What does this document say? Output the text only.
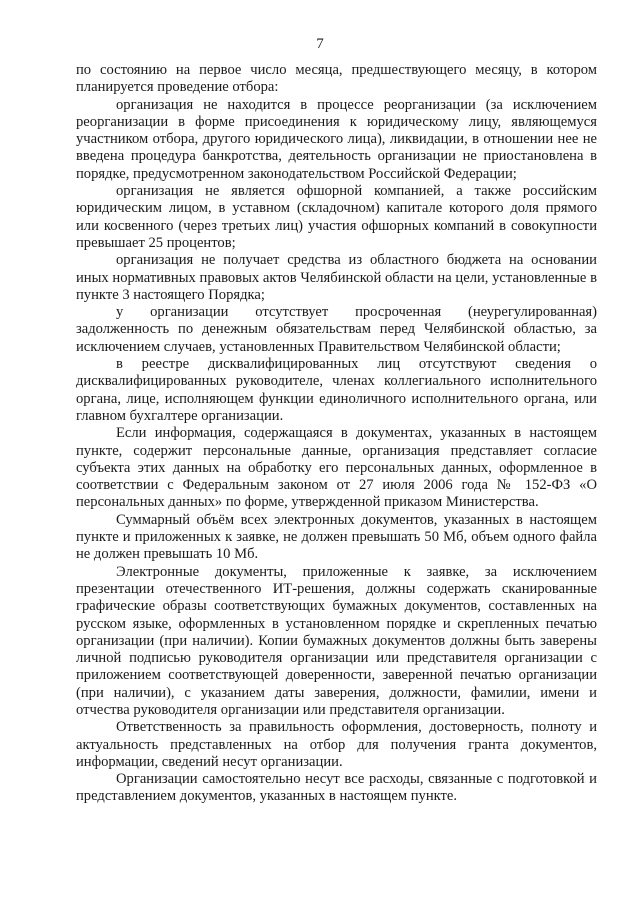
7

по состоянию на первое число месяца, предшествующего месяцу, в котором планируется проведение отбора:

организация не находится в процессе реорганизации (за исключением реорганизации в форме присоединения к юридическому лицу, являющемуся участником отбора, другого юридического лица), ликвидации, в отношении нее не введена процедура банкротства, деятельность организации не приостановлена в порядке, предусмотренном законодательством Российской Федерации;

организация не является офшорной компанией, а также российским юридическим лицом, в уставном (складочном) капитале которого доля прямого или косвенного (через третьих лиц) участия офшорных компаний в совокупности превышает 25 процентов;

организация не получает средства из областного бюджета на основании иных нормативных правовых актов Челябинской области на цели, установленные в пункте 3 настоящего Порядка;

у организации отсутствует просроченная (неурегулированная) задолженность по денежным обязательствам перед Челябинской областью, за исключением случаев, установленных Правительством Челябинской области;

в реестре дисквалифицированных лиц отсутствуют сведения о дисквалифицированных руководителе, членах коллегиального исполнительного органа, лице, исполняющем функции единоличного исполнительного органа, или главном бухгалтере организации.

Если информация, содержащаяся в документах, указанных в настоящем пункте, содержит персональные данные, организация представляет согласие субъекта этих данных на обработку его персональных данных, оформленное в соответствии с Федеральным законом от 27 июля 2006 года № 152-ФЗ «О персональных данных» по форме, утвержденной приказом Министерства.

Суммарный объём всех электронных документов, указанных в настоящем пункте и приложенных к заявке, не должен превышать 50 Мб, объем одного файла не должен превышать 10 Мб.

Электронные документы, приложенные к заявке, за исключением презентации отечественного ИТ-решения, должны содержать сканированные графические образы соответствующих бумажных документов, составленных на русском языке, оформленных в установленном порядке и скрепленных печатью организации (при наличии). Копии бумажных документов должны быть заверены личной подписью руководителя организации или представителя организации с приложением соответствующей доверенности, заверенной печатью организации (при наличии), с указанием даты заверения, должности, фамилии, имени и отчества руководителя организации или представителя организации.

Ответственность за правильность оформления, достоверность, полноту и актуальность представленных на отбор для получения гранта документов, информации, сведений несут организации.

Организации самостоятельно несут все расходы, связанные с подготовкой и представлением документов, указанных в настоящем пункте.
